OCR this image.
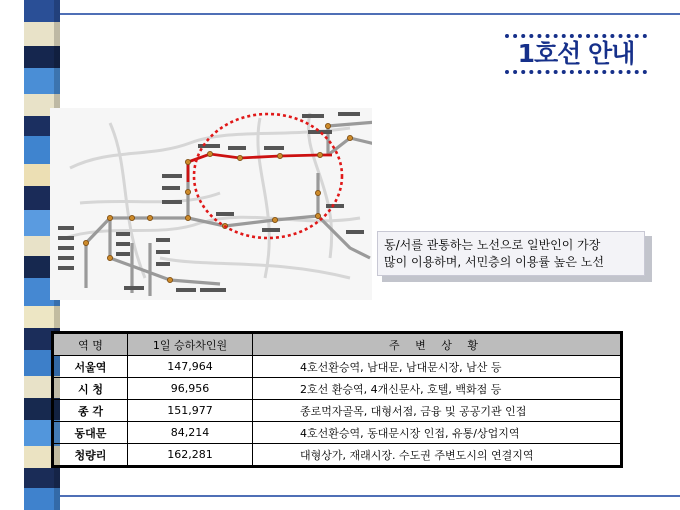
1호선 안내
동/서를 관통하는 노선으로 일반인이 가장
많이 이용하며, 서민층의 이용률 높은 노선
역 명	1일 승하차인원	주 변 상 황
서울역	147,964	4호선환승역, 남대문, 남대문시장, 남산 등
시 청	96,956	2호선 환승역, 4개신문사, 호텔, 백화점 등
종 각	151,977	종로먹자골목, 대형서점, 금융 및 공공기관 인접
동대문	84,214	4호선환승역, 동대문시장 인접, 유통/상업지역
청량리	162,281	대형상가, 재래시장. 수도권 주변도시의 연결지역
